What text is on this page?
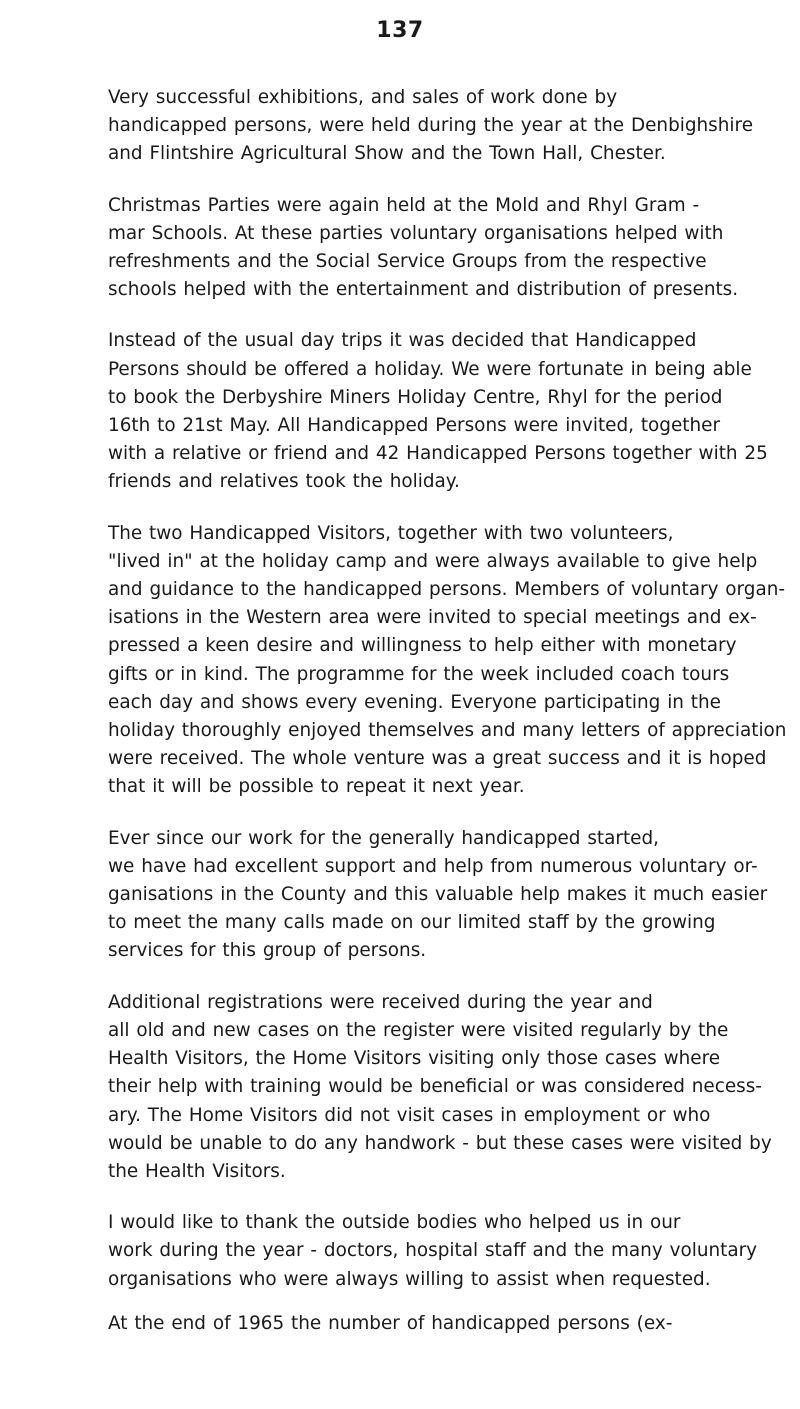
137

Very successful exhibitions, and sales of work done by
handicapped persons, were held during the year at the Denbighshire
and Flintshire Agricultural Show and the Town Hall, Chester.

Christmas Parties were again held at the Mold and Rhyl Gram -
mar Schools. At these parties voluntary organisations helped with
refreshments and the Social Service Groups from the respective
schools helped with the entertainment and distribution of presents.

Instead of the usual day trips it was decided that Handicapped
Persons should be offered a holiday. We were fortunate in being able
to book the Derbyshire Miners Holiday Centre, Rhyl for the period
16th to 21st May. All Handicapped Persons were invited, together
with a relative or friend and 42 Handicapped Persons together with 25
friends and relatives took the holiday.

The two Handicapped Visitors, together with two volunteers,
"lived in" at the holiday camp and were always available to give help
and guidance to the handicapped persons. Members of voluntary organ-
isations in the Western area were invited to special meetings and ex-
pressed a keen desire and willingness to help either with monetary
gifts or in kind. The programme for the week included coach tours
each day and shows every evening. Everyone participating in the
holiday thoroughly enjoyed themselves and many letters of appreciation
were received. The whole venture was a great success and it is hoped
that it will be possible to repeat it next year.

Ever since our work for the generally handicapped started,
we have had excellent support and help from numerous voluntary or-
ganisations in the County and this valuable help makes it much easier
to meet the many calls made on our limited staff by the growing
services for this group of persons.

Additional registrations were received during the year and
all old and new cases on the register were visited regularly by the
Health Visitors, the Home Visitors visiting only those cases where
their help with training would be beneficial or was considered necess-
ary. The Home Visitors did not visit cases in employment or who
would be unable to do any handwork - but these cases were visited by
the Health Visitors.

I would like to thank the outside bodies who helped us in our
work during the year - doctors, hospital staff and the many voluntary
organisations who were always willing to assist when requested.

At the end of 1965 the number of handicapped persons (ex-
